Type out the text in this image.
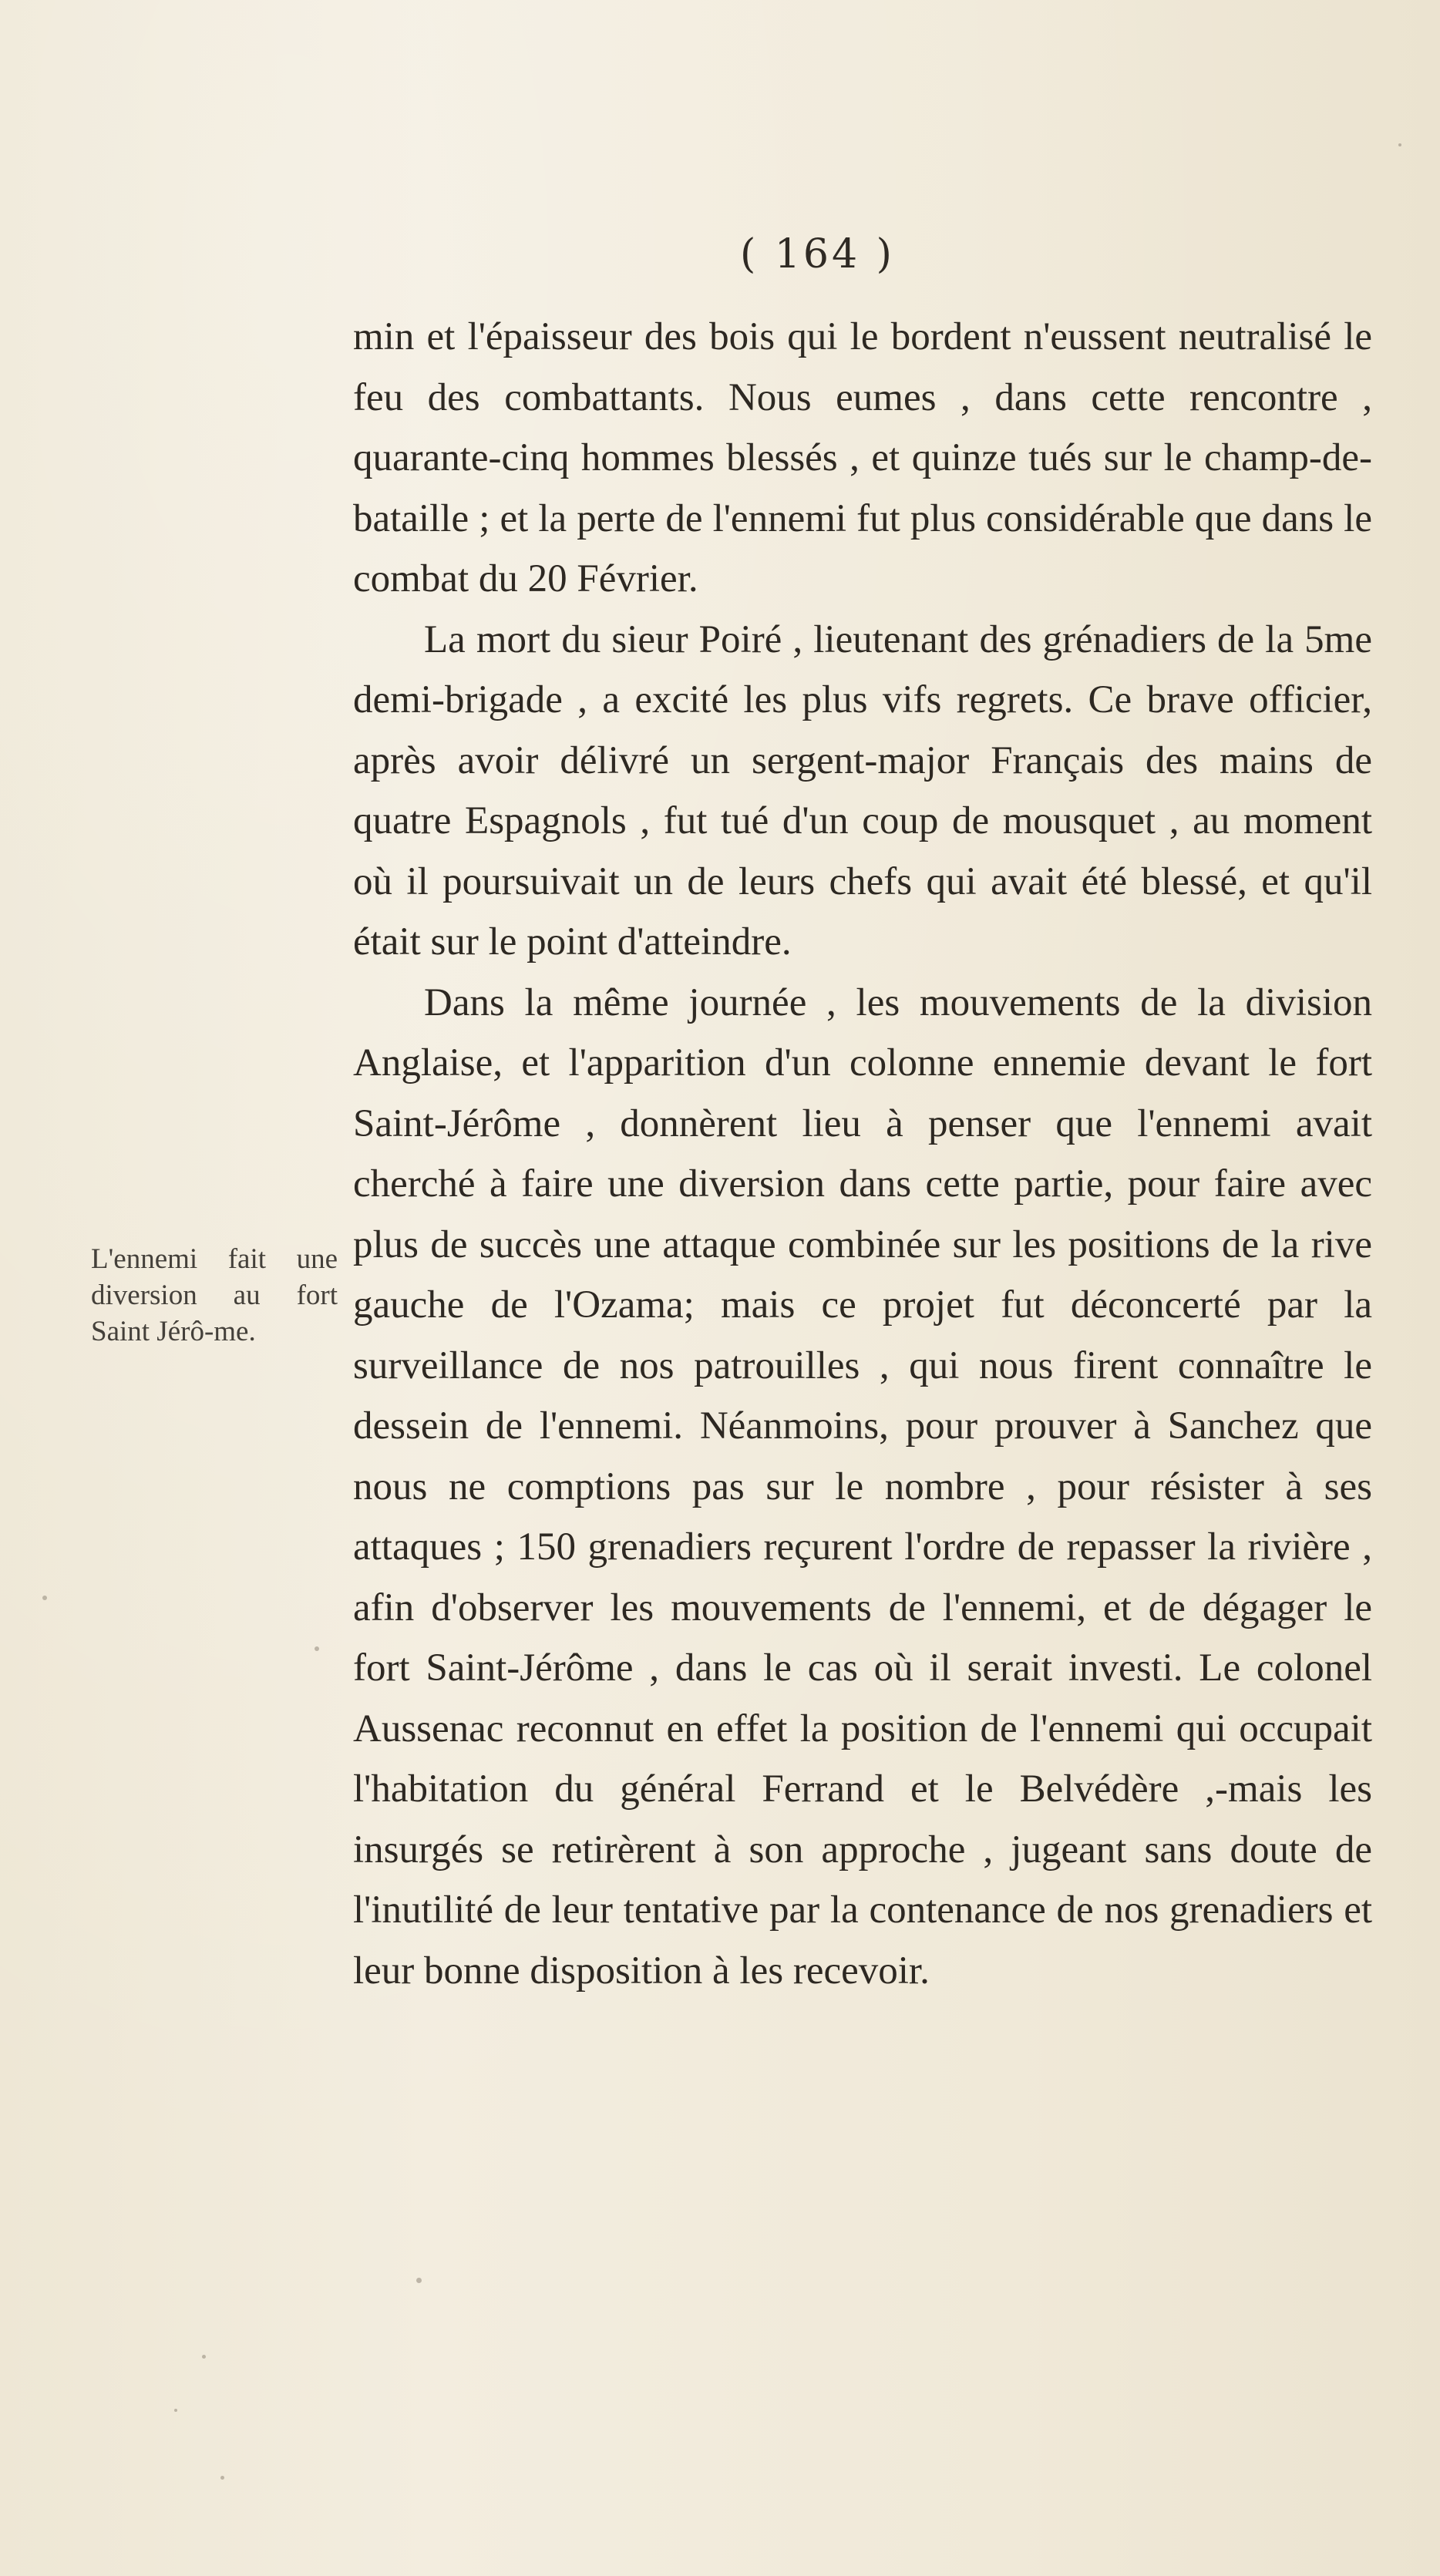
( 164 )
L'ennemi fait une diversion au fort Saint Jérô-me.

min et l'épaisseur des bois qui le bordent n'eussent neutralisé le feu des combattants. Nous eumes , dans cette rencontre , quarante-cinq hommes blessés , et quinze tués sur le champ-de-bataille ; et la perte de l'ennemi fut plus considérable que dans le combat du 20 Février.

La mort du sieur Poiré , lieutenant des grénadiers de la 5me demi-brigade , a excité les plus vifs regrets. Ce brave officier, après avoir délivré un sergent-major Français des mains de quatre Espagnols , fut tué d'un coup de mousquet , au moment où il poursuivait un de leurs chefs qui avait été blessé, et qu'il était sur le point d'atteindre.

Dans la même journée , les mouvements de la division Anglaise, et l'apparition d'un colonne ennemie devant le fort Saint-Jérôme , donnèrent lieu à penser que l'ennemi avait cherché à faire une diversion dans cette partie, pour faire avec plus de succès une attaque combinée sur les positions de la rive gauche de l'Ozama; mais ce projet fut déconcerté par la surveillance de nos patrouilles , qui nous firent connaître le dessein de l'ennemi. Néanmoins, pour prouver à Sanchez que nous ne comptions pas sur le nombre , pour résister à ses attaques ; 150 grenadiers reçurent l'ordre de repasser la rivière , afin d'observer les mouvements de l'ennemi, et de dégager le fort Saint-Jérôme , dans le cas où il serait investi. Le colonel Aussenac reconnut en effet la position de l'ennemi qui occupait l'habitation du général Ferrand et le Belvédère ,-mais les insurgés se retirèrent à son approche , jugeant sans doute de l'inutilité de leur tentative par la contenance de nos grenadiers et leur bonne disposition à les recevoir.
